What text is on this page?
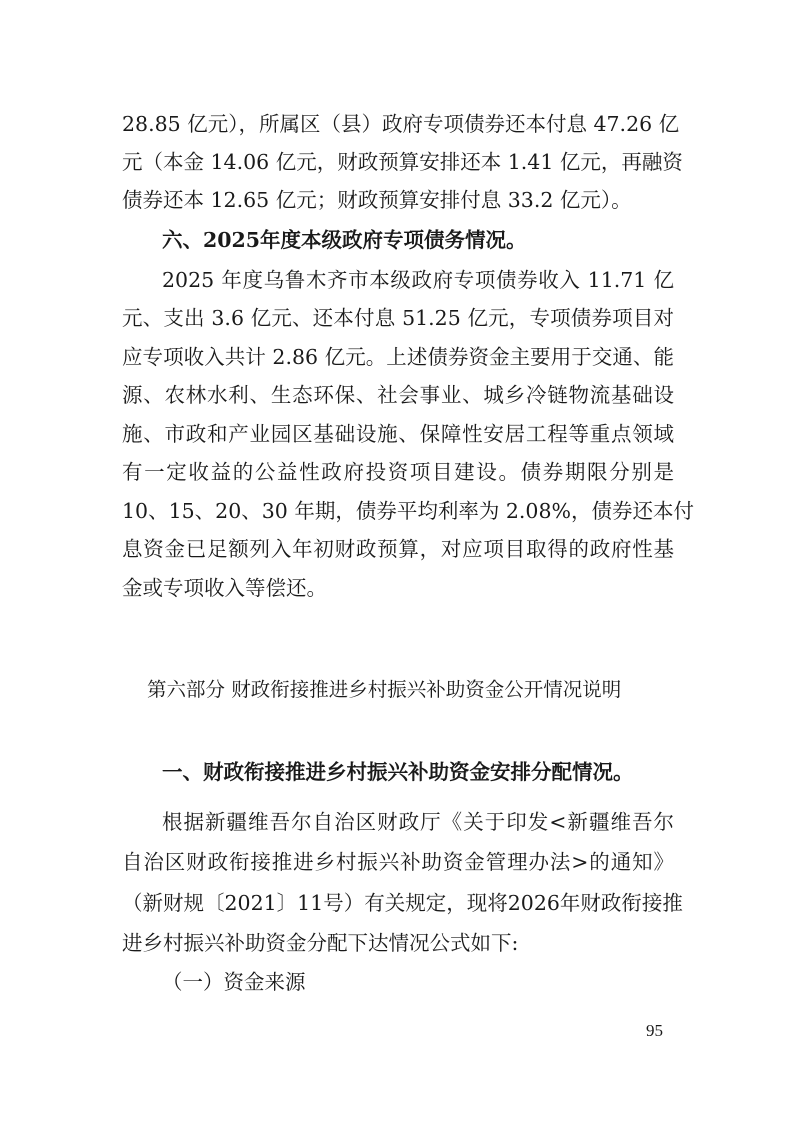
28.85 亿元），所属区（县）政府专项债券还本付息 47.26 亿
元（本金 14.06 亿元，财政预算安排还本 1.41 亿元，再融资
债券还本 12.65 亿元；财政预算安排付息 33.2 亿元）。
六、2025年度本级政府专项债务情况。
2025 年度乌鲁木齐市本级政府专项债券收入 11.71 亿
元、支出 3.6 亿元、还本付息 51.25 亿元，专项债券项目对
应专项收入共计 2.86 亿元。上述债券资金主要用于交通、能
源、农林水利、生态环保、社会事业、城乡冷链物流基础设
施、市政和产业园区基础设施、保障性安居工程等重点领域
有一定收益的公益性政府投资项目建设。债券期限分别是
10、15、20、30 年期，债券平均利率为 2.08%，债券还本付
息资金已足额列入年初财政预算，对应项目取得的政府性基
金或专项收入等偿还。
第六部分 财政衔接推进乡村振兴补助资金公开情况说明
一、财政衔接推进乡村振兴补助资金安排分配情况。
根据新疆维吾尔自治区财政厅《关于印发<新疆维吾尔
自治区财政衔接推进乡村振兴补助资金管理办法>的通知》
（新财规〔2021〕11号）有关规定，现将2026年财政衔接推
进乡村振兴补助资金分配下达情况公式如下:
（一）资金来源
95
